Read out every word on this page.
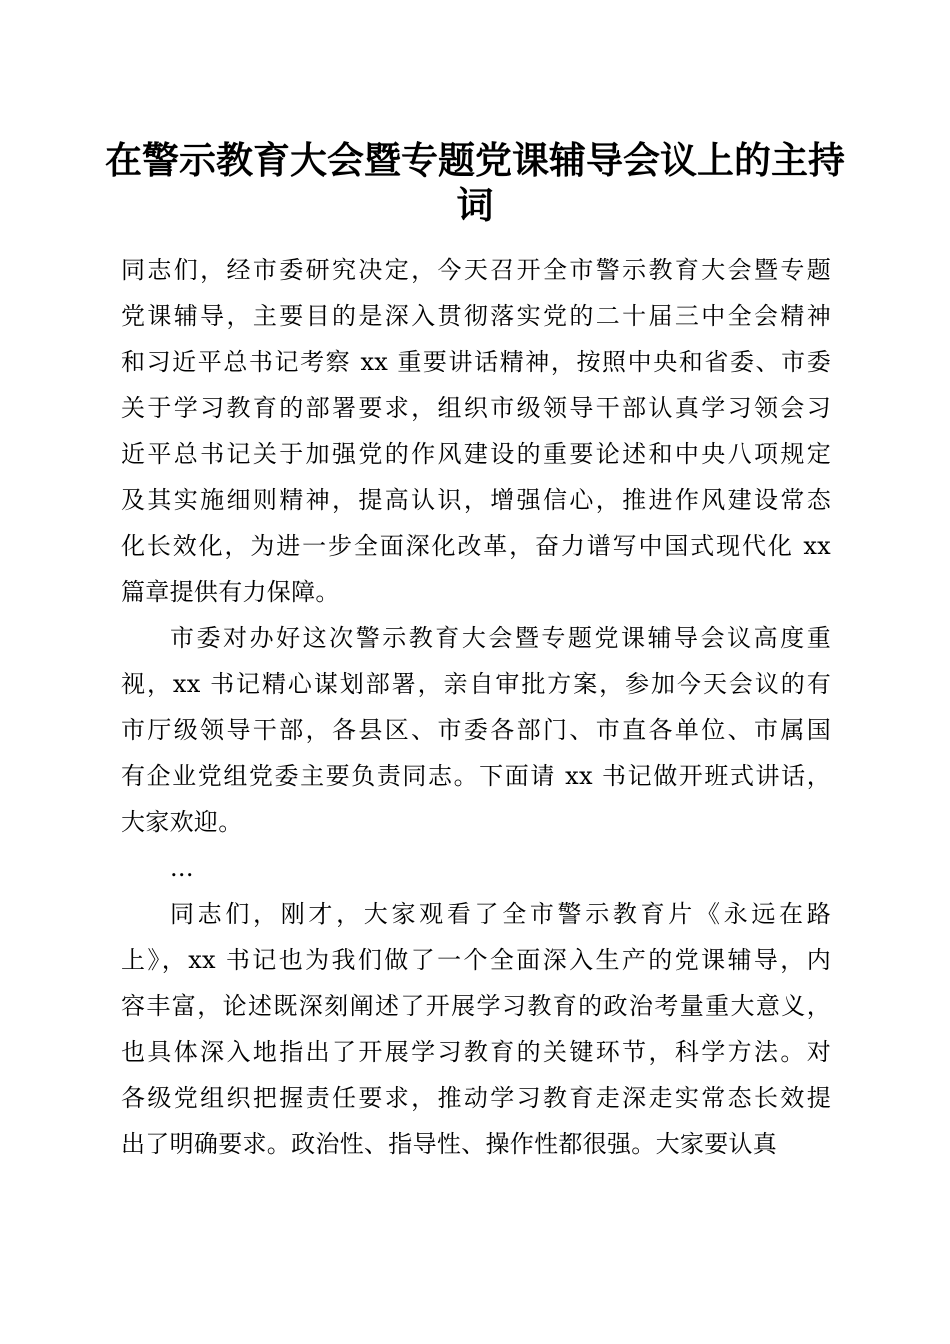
在警示教育大会暨专题党课辅导会议上的主持
词
同志们，经市委研究决定，今天召开全市警示教育大会暨专题
党课辅导，主要目的是深入贯彻落实党的二十届三中全会精神
和习近平总书记考察 xx 重要讲话精神，按照中央和省委、市委
关于学习教育的部署要求，组织市级领导干部认真学习领会习
近平总书记关于加强党的作风建设的重要论述和中央八项规定
及其实施细则精神，提高认识，增强信心，推进作风建设常态
化长效化，为进一步全面深化改革，奋力谱写中国式现代化 xx
篇章提供有力保障。
市委对办好这次警示教育大会暨专题党课辅导会议高度重
视，xx 书记精心谋划部署，亲自审批方案，参加今天会议的有
市厅级领导干部，各县区、市委各部门、市直各单位、市属国
有企业党组党委主要负责同志。下面请 xx 书记做开班式讲话，
大家欢迎。
...
同志们，刚才，大家观看了全市警示教育片《永远在路
上》，xx 书记也为我们做了一个全面深入生产的党课辅导，内
容丰富，论述既深刻阐述了开展学习教育的政治考量重大意义，
也具体深入地指出了开展学习教育的关键环节，科学方法。对
各级党组织把握责任要求，推动学习教育走深走实常态长效提
出了明确要求。政治性、指导性、操作性都很强。大家要认真
